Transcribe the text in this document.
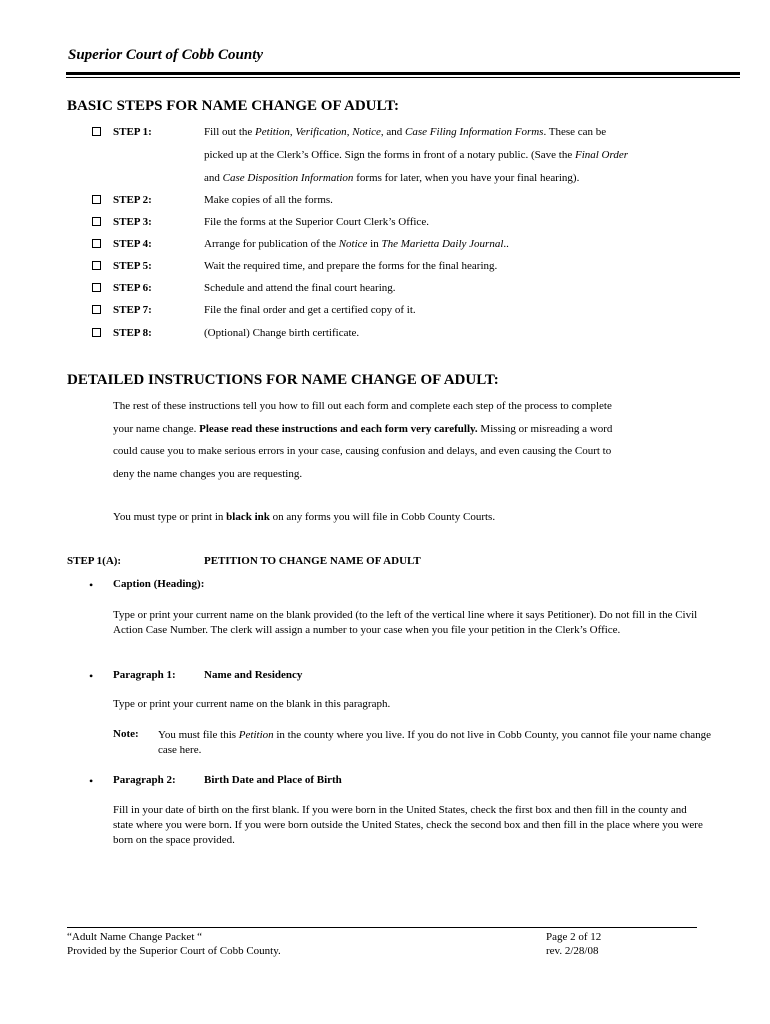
Superior Court of Cobb County
BASIC STEPS FOR NAME CHANGE OF ADULT:
STEP 1:	Fill out the Petition, Verification, Notice, and Case Filing Information Forms. These can be
picked up at the Clerk’s Office. Sign the forms in front of a notary public. (Save the Final Order
and Case Disposition Information forms for later, when you have your final hearing).
STEP 2:	Make copies of all the forms.
STEP 3:	File the forms at the Superior Court Clerk’s Office.
STEP 4:	Arrange for publication of the Notice in The Marietta Daily Journal..
STEP 5:	Wait the required time, and prepare the forms for the final hearing.
STEP 6:	Schedule and attend the final court hearing.
STEP 7:	File the final order and get a certified copy of it.
STEP 8:	(Optional) Change birth certificate.
DETAILED INSTRUCTIONS FOR NAME CHANGE OF ADULT:
The rest of these instructions tell you how to fill out each form and complete each step of the process to complete
your name change. Please read these instructions and each form very carefully. Missing or misreading a word
could cause you to make serious errors in your case, causing confusion and delays, and even causing the Court to
deny the name changes you are requesting.
You must type or print in black ink on any forms you will file in Cobb County Courts.
STEP 1(A):	PETITION TO CHANGE NAME OF ADULT
• Caption (Heading):
Type or print your current name on the blank provided (to the left of the vertical line where it says Petitioner). Do not fill in the Civil Action Case Number. The clerk will assign a number to your case when you file your petition in the Clerk’s Office.
• Paragraph 1:	Name and Residency
Type or print your current name on the blank in this paragraph.
Note: You must file this Petition in the county where you live. If you do not live in Cobb County, you cannot file your name change case here.
• Paragraph 2:	Birth Date and Place of Birth
Fill in your date of birth on the first blank. If you were born in the United States, check the first box and then fill in the county and state where you were born. If you were born outside the United States, check the second box and then fill in the place where you were born on the space provided.
“Adult Name Change Packet “
Provided by the Superior Court of Cobb County.
Page 2 of 12
rev. 2/28/08
